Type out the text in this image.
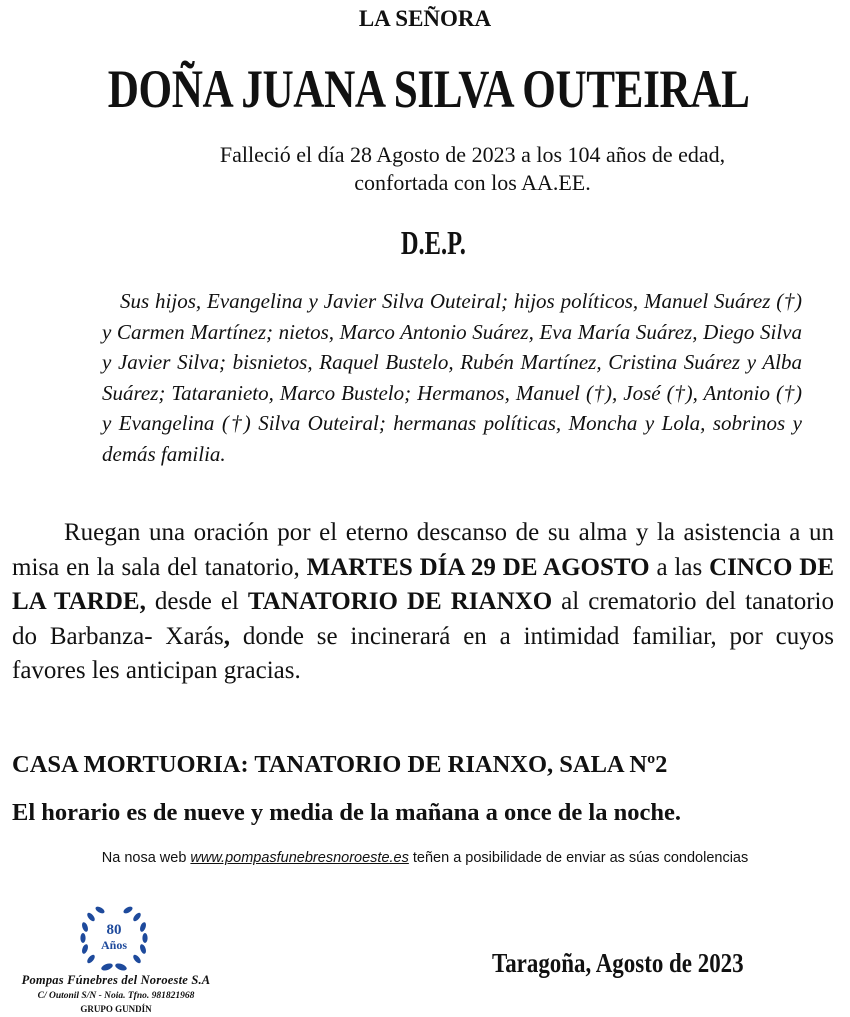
LA SEÑORA
DOÑA JUANA SILVA OUTEIRAL
Falleció el día 28 Agosto de 2023 a los 104 años de edad,
confortada con los AA.EE.
D.E.P.
Sus hijos, Evangelina y Javier Silva Outeiral; hijos políticos, Manuel Suárez (†) y Carmen Martínez; nietos, Marco Antonio Suárez, Eva María Suárez, Diego Silva y Javier Silva; bisnietos, Raquel Bustelo, Rubén Martínez, Cristina Suárez y Alba Suárez; Tataranieto, Marco Bustelo; Hermanos, Manuel (†), José (†), Antonio (†) y Evangelina (†) Silva Outeiral; hermanas políticas, Moncha y Lola, sobrinos y demás familia.
Ruegan una oración por el eterno descanso de su alma y la asistencia a un misa en la sala del tanatorio, MARTES DÍA 29 DE AGOSTO a las CINCO DE LA TARDE, desde el TANATORIO DE RIANXO al crematorio del tanatorio do Barbanza- Xarás, donde se incinerará en a intimidad familiar, por cuyos favores les anticipan gracias.
CASA MORTUORIA: TANATORIO DE RIANXO, SALA Nº2
El horario es de nueve y media de la mañana a once de la noche.
Na nosa web www.pompasfunebresnoroeste.es teñen a posibilidade de enviar as súas condolencias
80
Años
Pompas Fúnebres del Noroeste S.A
C/ Outonil S/N - Noia. Tfno. 981821968
GRUPO GUNDÍN
Taragoña, Agosto de 2023
